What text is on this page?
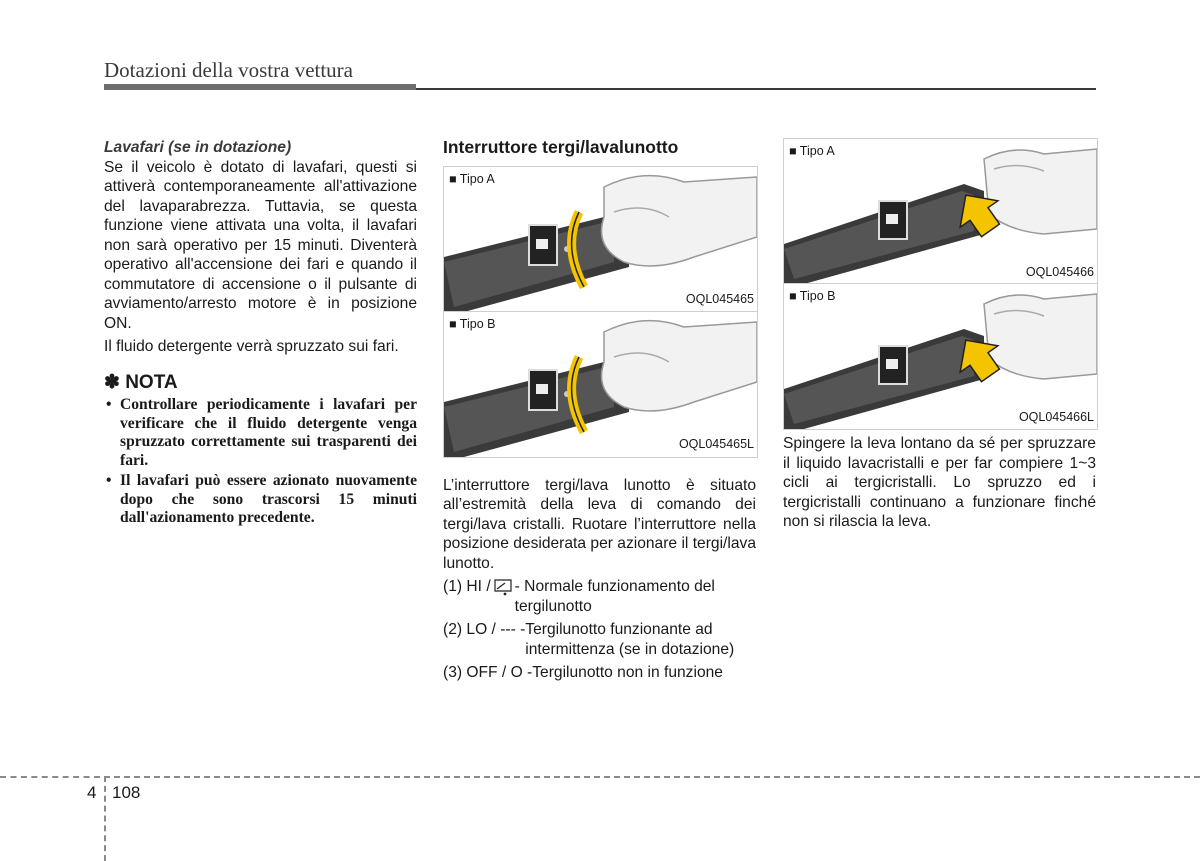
Dotazioni della vostra vettura
Lavafari (se in dotazione)
Se il veicolo è dotato di lavafari, questi si attiverà contemporaneamente all'attivazione del lavaparabrezza. Tuttavia, se questa funzione viene attivata una volta, il lavafari non sarà operativo per 15 minuti. Diventerà operativo all'accensione dei fari e quando il commutatore di accensione o il pulsante di avviamento/arresto motore è in posizione ON.
Il fluido detergente verrà spruzzato sui fari.
✽ NOTA
• Controllare periodicamente i lavafari per verificare che il fluido detergente venga spruzzato correttamente sui trasparenti dei fari.
• Il lavafari può essere azionato nuovamente dopo che sono trascorsi 15 minuti dall'azionamento precedente.
Interruttore tergi/lavalunotto
■ Tipo A
OQL045465
■ Tipo B
OQL045465L
L’interruttore tergi/lava lunotto è situato all’estremità della leva di comando dei tergi/lava cristalli. Ruotare l’interruttore nella posizione desiderata per azionare il tergi/lava lunotto.
(1) HI / - Normale funzionamento del tergilunotto
(2) LO / --- - Tergilunotto funzionante ad intermittenza (se in dotazione)
(3) OFF / O - Tergilunotto non in funzione
■ Tipo A
OQL045466
■ Tipo B
OQL045466L
Spingere la leva lontano da sé per spruzzare il liquido lavacristalli e per far compiere 1~3 cicli ai tergicristalli. Lo spruzzo ed i tergicristalli continuano a funzionare finché non si rilascia la leva.
4 108
